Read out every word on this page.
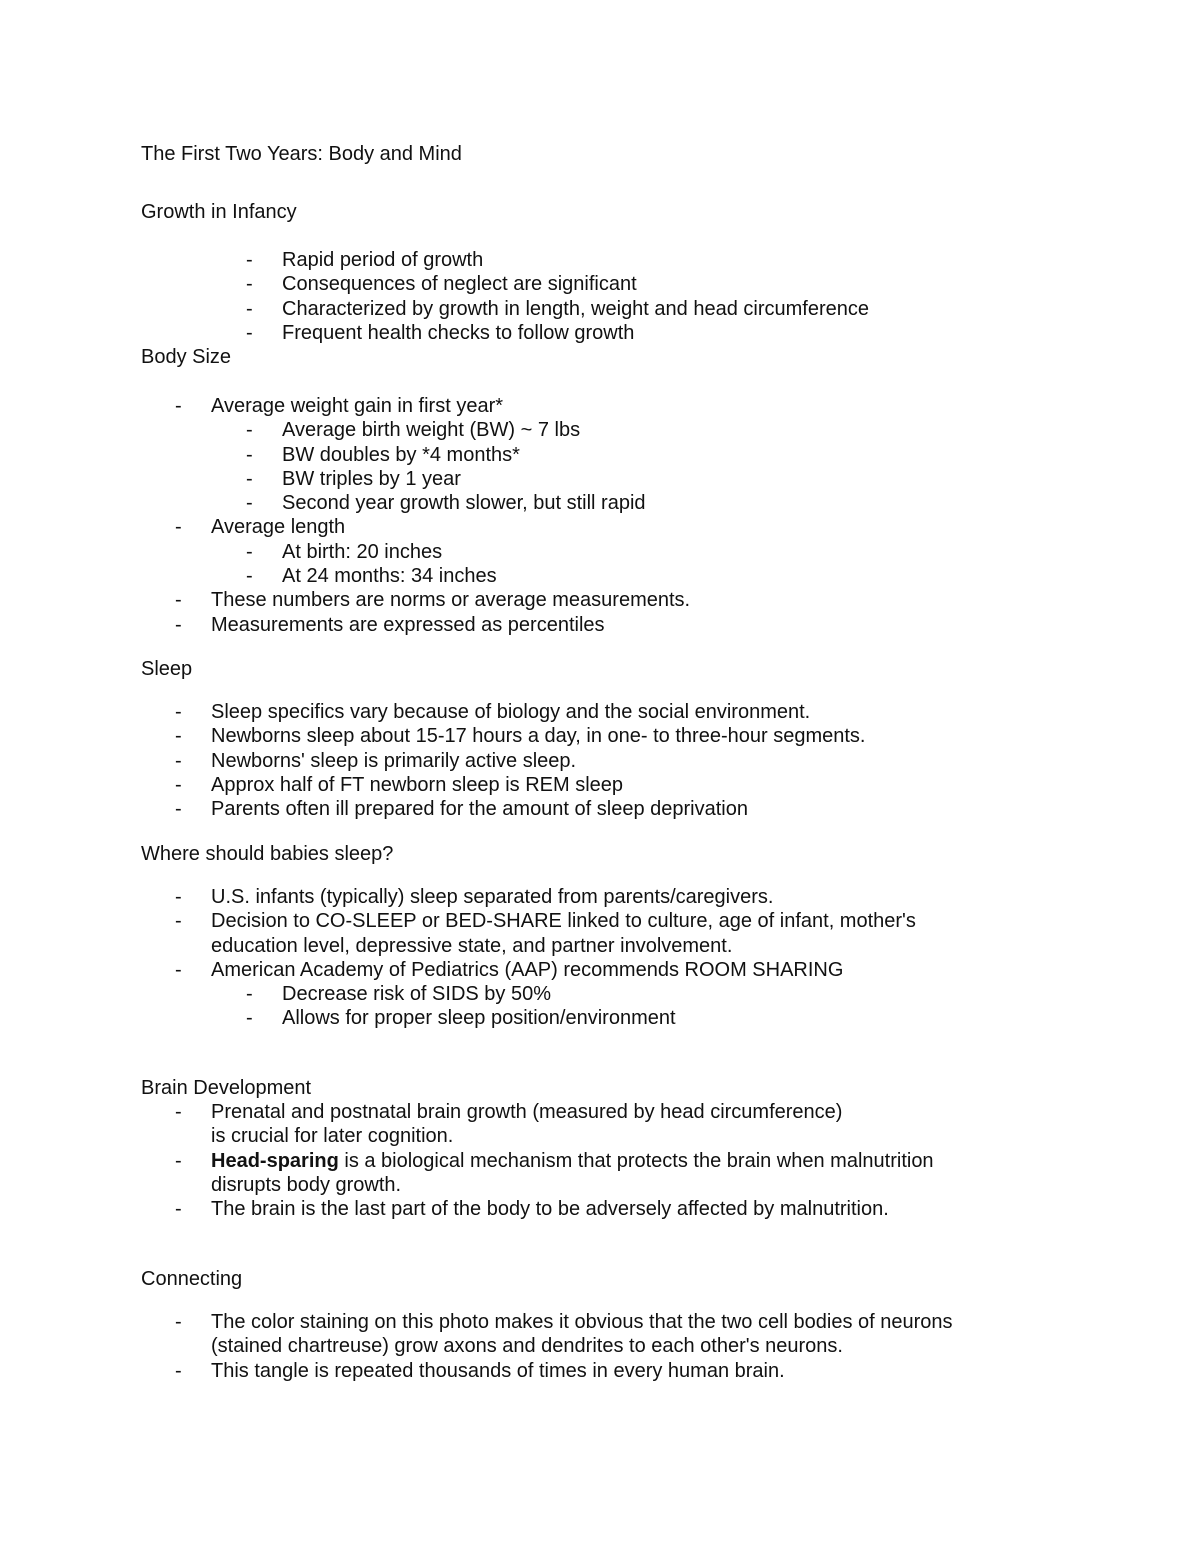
The First Two Years: Body and Mind
Growth in Infancy
- Rapid period of growth
- Consequences of neglect are significant
- Characterized by growth in length, weight and head circumference
- Frequent health checks to follow growth
Body Size
- Average weight gain in first year*
- Average birth weight (BW) ~ 7 lbs
- BW doubles by *4 months*
- BW triples by 1 year
- Second year growth slower, but still rapid
- Average length
- At birth: 20 inches
- At 24 months: 34 inches
- These numbers are norms or average measurements.
- Measurements are expressed as percentiles
Sleep
- Sleep specifics vary because of biology and the social environment.
- Newborns sleep about 15-17 hours a day, in one- to three-hour segments.
- Newborns' sleep is primarily active sleep.
- Approx half of FT newborn sleep is REM sleep
- Parents often ill prepared for the amount of sleep deprivation
Where should babies sleep?
- U.S. infants (typically) sleep separated from parents/caregivers.
- Decision to CO-SLEEP or BED-SHARE linked to culture, age of infant, mother's
education level, depressive state, and partner involvement.
- American Academy of Pediatrics (AAP) recommends ROOM SHARING
- Decrease risk of SIDS by 50%
- Allows for proper sleep position/environment
Brain Development
- Prenatal and postnatal brain growth (measured by head circumference)
is crucial for later cognition.
- Head-sparing is a biological mechanism that protects the brain when malnutrition
disrupts body growth.
- The brain is the last part of the body to be adversely affected by malnutrition.
Connecting
- The color staining on this photo makes it obvious that the two cell bodies of neurons
(stained chartreuse) grow axons and dendrites to each other's neurons.
- This tangle is repeated thousands of times in every human brain.
